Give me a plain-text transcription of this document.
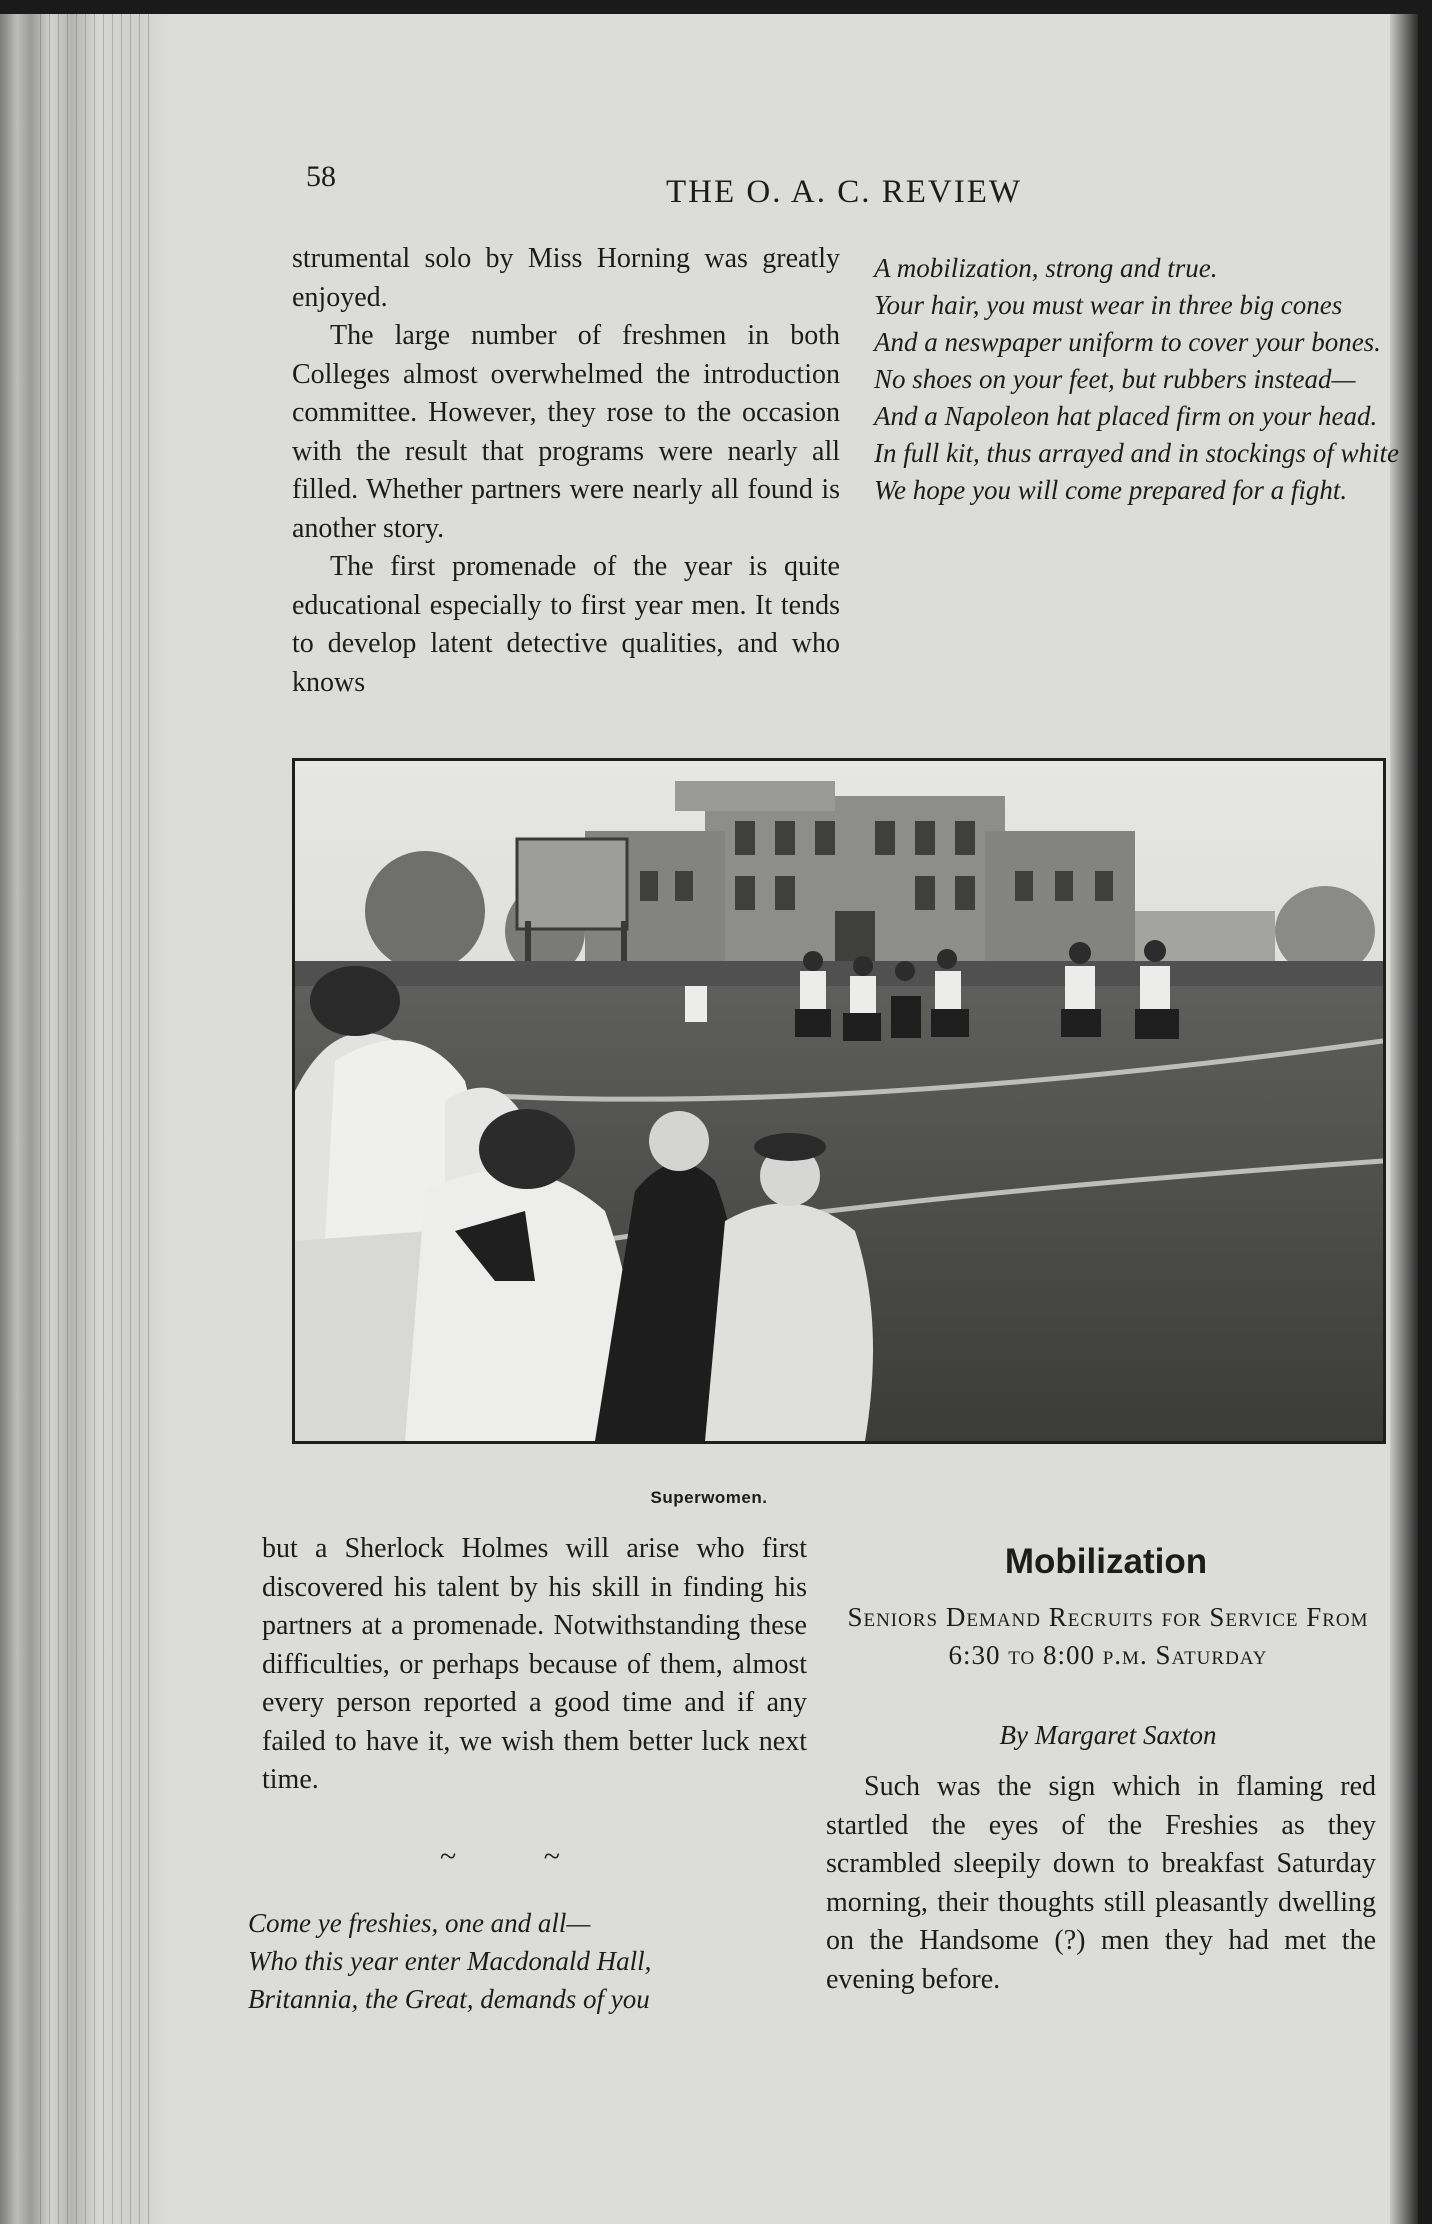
58	THE O. A. C. REVIEW

strumental solo by Miss Horning was greatly enjoyed.

The large number of freshmen in both Colleges almost overwhelmed the introduction committee. However, they rose to the occasion with the result that programs were nearly all filled. Whether partners were nearly all found is another story.

The first promenade of the year is quite educational especially to first year men. It tends to develop latent detective qualities, and who knows

A mobilization, strong and true.

Your hair, you must wear in three big cones

And a neswpaper uniform to cover your bones.

No shoes on your feet, but rubbers instead—

And a Napoleon hat placed firm on your head.

In full kit, thus arrayed and in stockings of white

We hope you will come prepared for a fight.

Superwomen.

but a Sherlock Holmes will arise who first discovered his talent by his skill in finding his partners at a promenade. Notwithstanding these difficulties, or perhaps because of them, almost every person reported a good time and if any failed to have it, we wish them better luck next time.

~ ~

Come ye freshies, one and all—

Who this year enter Macdonald Hall,

Britannia, the Great, demands of you

Mobilization
Seniors Demand Recruits for Service From 6:30 to 8:00 p.m. Saturday
By Margaret Saxton

Such was the sign which in flaming red startled the eyes of the Freshies as they scrambled sleepily down to breakfast Saturday morning, their thoughts still pleasantly dwelling on the Handsome (?) men they had met the evening before.
